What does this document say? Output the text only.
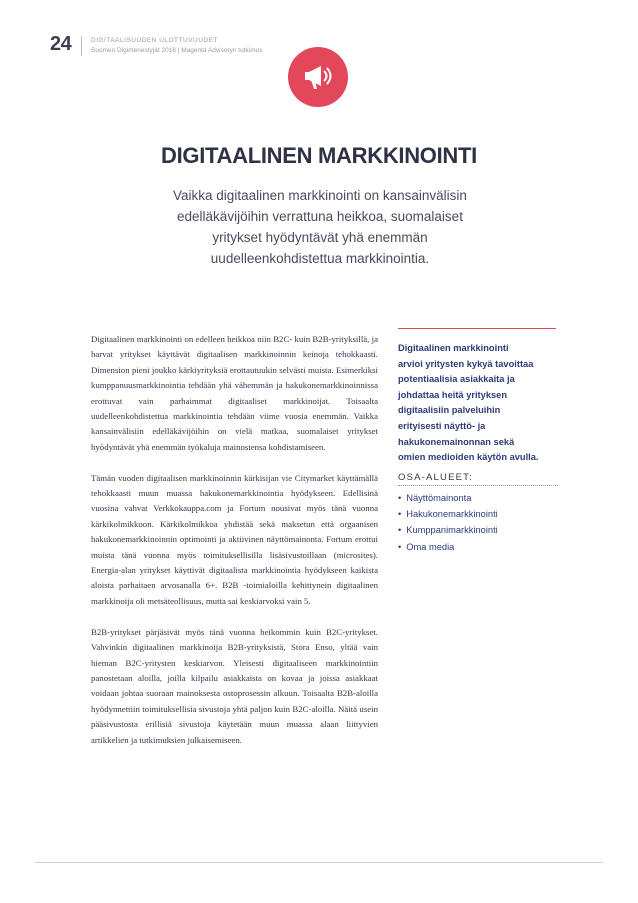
24	DIGITAALISUUDEN ULOTTUVUUDET
Suomen Digimenestyjät 2018 | Magenta Advisoryn tutkimus
DIGITAALINEN MARKKINOINTI
Vaikka digitaalinen markkinointi on kansainvälisin
edelläkävijöihin verrattuna heikkoa, suomalaiset
yritykset hyödyntävät yhä enemmän
uudelleenkohdistettua markkinointia.

Digitaalinen markkinointi on edelleen heikkoa niin B2C- kuin B2B-yrityksillä, ja harvat yritykset käyttävät digitaalisen markkinoinnin keinoja tehokkaasti. Dimension pieni joukko kärkiyrityksiä erottautuukin selvästi muista. Esimerkiksi kumppanuusmarkkinointia tehdään yhä vähemmän ja hakukonemarkkinoinnissa erottuvat vain parhaimmat digitaaliset markkinoijat. Toisaalta uudelleenkohdistettua markkinointia tehdään viime vuosia enemmän. Vaikka kansainvälisiin edelläkävijöihin on vielä matkaa, suomalaiset yritykset hyödyntävät yhä enemmän työkaluja mainostensa kohdistamiseen.

Tämän vuoden digitaalisen markkinoinnin kärkisijan vie Citymarket käyttämällä tehokkaasti muun muassa hakukonemarkkinointia hyödykseen. Edellisinä vuosina vahvat Verkkokauppa.com ja Fortum nousivat myös tänä vuonna kärkikolmikkoon. Kärkikolmikkoa yhdistää sekä maksetun että orgaanisen hakukonemarkkinoinnin optimointi ja aktiivinen näyttömainonta. Fortum erottui muista tänä vuonna myös toimituksellisilla lisäsivustoillaan (microsites). Energia-alan yritykset käyttivät digitaalista markkinointia hyödykseen kaikista aloista parhaitaen arvosanalla 6+. B2B -toimialoilla kehittynein digitaalinen markkinoija oli metsäteollisuus, mutta sai keskiarvoksi vain 5.

B2B-yritykset pärjäsivät myös tänä vuonna heikommin kuin B2C-yritykset. Vahvinkin digitaalinen markkinoija B2B-yrityksistä, Stora Enso, yltää vain hieman B2C-yritysten keskiarvon. Yleisesti digitaaliseen markkinointiin panostetaan aloilla, joilla kilpailu asiakkaista on kovaa ja joissa asiakkaat voidaan johtaa suoraan mainoksesta ostoprosessin alkuun. Toisaalta B2B-aloilla hyödynnettiin toimituksellisia sivustoja yhtä paljon kuin B2C-aloilla. Näitä usein pääsivustosta erillisiä sivustoja käytetään muun muassa alaan liittyvien artikkelien ja tutkimuksien julkaisemiseen.

Digitaalinen markkinointi
arvioi yritysten kykyä tavoittaa
potentiaalisia asiakkaita ja
johdattaa heitä yrityksen
digitaalisiin palveluihin
erityisesti näyttö- ja
hakukonemainonnan sekä
omien medioiden käytön avulla.
OSA-ALUEET:
• Näyttömainonta
• Hakukonemarkkinointi
• Kumppanimarkkinointi
• Oma media
